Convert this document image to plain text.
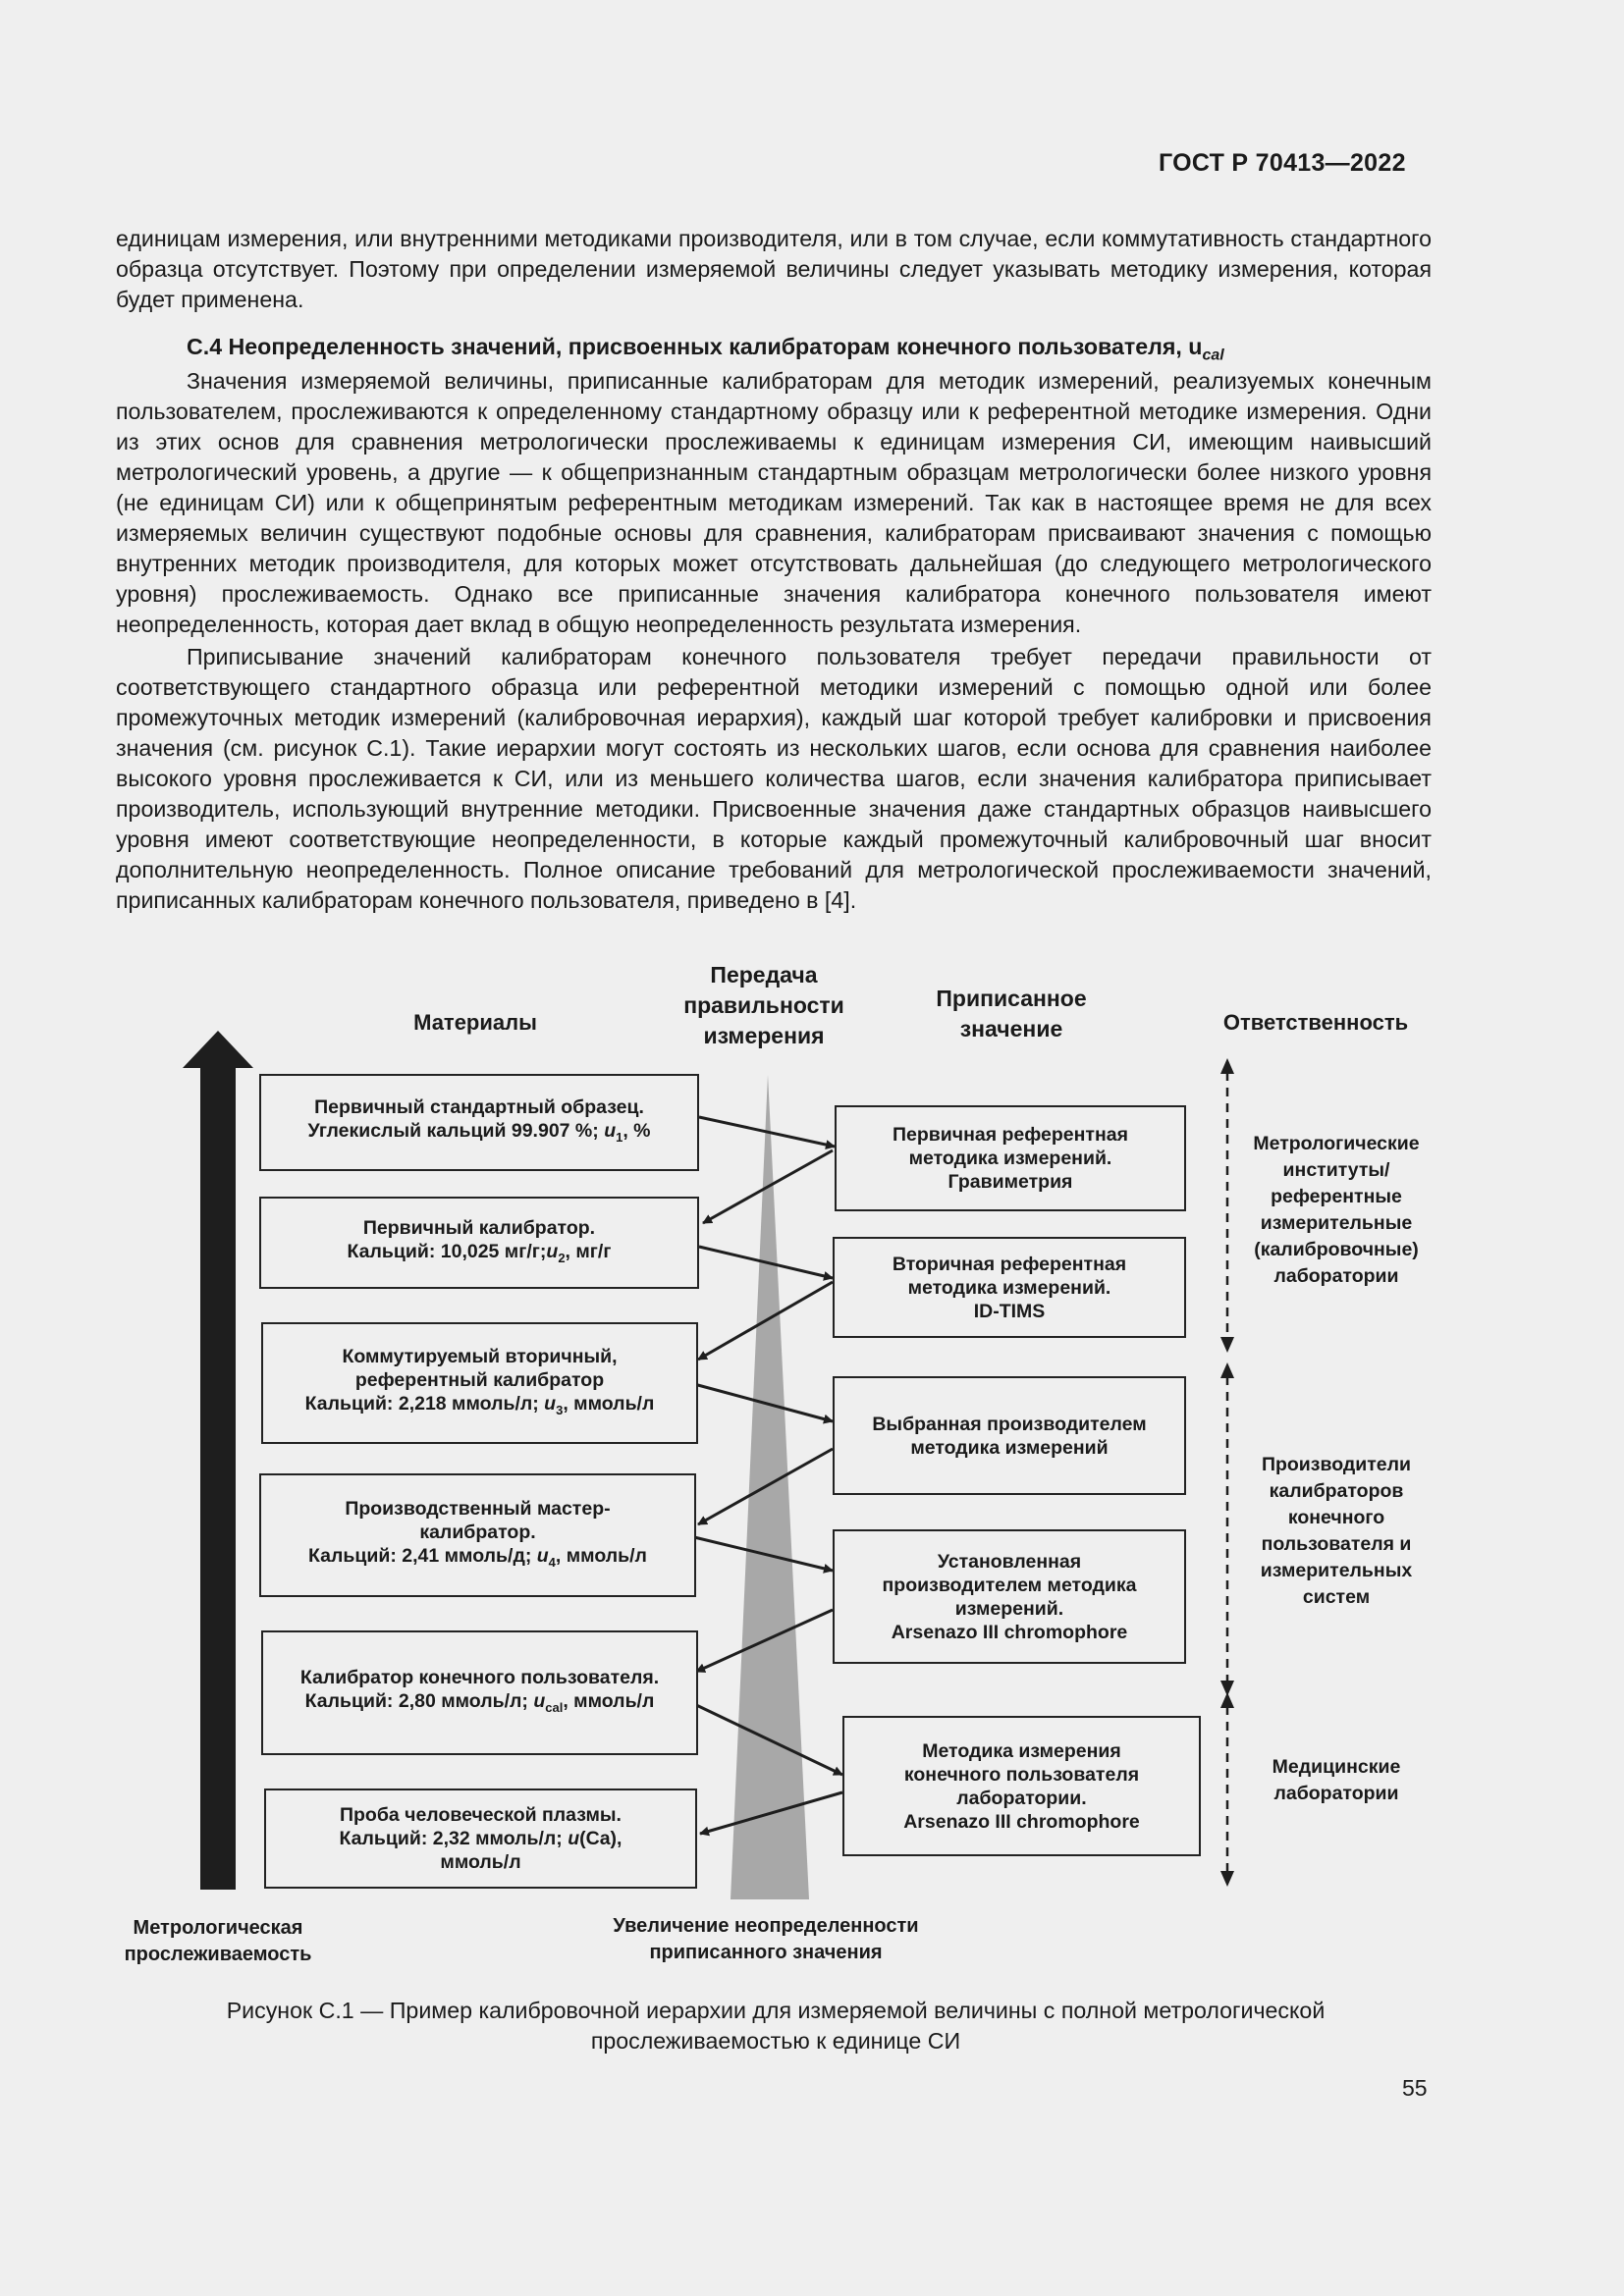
ГОСТ Р 70413—2022

единицам измерения, или внутренними методиками производителя, или в том случае, если коммутативность стандартного образца отсутствует. Поэтому при определении измеряемой величины следует указывать методику измерения, которая будет применена.

С.4 Неопределенность значений, присвоенных калибраторам конечного пользователя, $u_{cal}$

Значения измеряемой величины, приписанные калибраторам для методик измерений, реализуемых конечным пользователем, прослеживаются к определенному стандартному образцу или к референтной методике измерения. Одни из этих основ для сравнения метрологически прослеживаемы к единицам измерения СИ, имеющим наивысший метрологический уровень, а другие — к общепризнанным стандартным образцам метрологически более низкого уровня (не единицам СИ) или к общепринятым референтным методикам измерений. Так как в настоящее время не для всех измеряемых величин существуют подобные основы для сравнения, калибраторам присваивают значения с помощью внутренних методик производителя, для которых может отсутствовать дальнейшая (до следующего метрологического уровня) прослеживаемость. Однако все приписанные значения калибратора конечного пользователя имеют неопределенность, которая дает вклад в общую неопределенность результата измерения.

Приписывание значений калибраторам конечного пользователя требует передачи правильности от соответствующего стандартного образца или референтной методики измерений с помощью одной или более промежуточных методик измерений (калибровочная иерархия), каждый шаг которой требует калибровки и присвоения значения (см. рисунок С.1). Такие иерархии могут состоять из нескольких шагов, если основа для сравнения наиболее высокого уровня прослеживается к СИ, или из меньшего количества шагов, если значения калибратора приписывает производитель, использующий внутренние методики. Присвоенные значения даже стандартных образцов наивысшего уровня имеют соответствующие неопределенности, в которые каждый промежуточный калибровочный шаг вносит дополнительную неопределенность. Полное описание требований для метрологической прослеживаемости значений, приписанных калибраторам конечного пользователя, приведено в [4].

Материалы
Передача
правильности
измерения
Приписанное
значение	Ответственность
Первичный стандартный образец.
Углекислый кальций 99.907 %; $u_1$, %
Первичный калибратор.
Кальций: 10,025 $мг/г;u_2$, мг/г
Коммутируемый вторичный,
референтный калибратор
Кальций: 2,218 ммоль/л; $u_3$, ммоль/л
Производственный мастер-
калибратор.
Кальций: 2,41 ммоль/д; $u_4$, ммоль/л
Калибратор конечного пользователя.
Кальций: 2,80 ммоль/л; $u_{cal}$, ммоль/л
Проба человеческой плазмы.
Кальций: 2,32 ммоль/л; u(Ca),
ммоль/л
Первичная референтная
методика измерений.
Гравиметрия
Вторичная референтная
методика измерений.
ID-TIMS
Выбранная производителем
методика измерений
Установленная
производителем методика
измерений.
Arsenazo III chromophore
Методика измерения
конечного пользователя
лаборатории.
Arsenazo III chromophore
Метрологические
институты/
референтные
измерительные
(калибровочные)
лаборатории
Производители
калибраторов
конечного
пользователя и
измерительных
систем
Медицинские
лаборатории
Метрологическая
прослеживаемость
Увеличение неопределенности
приписанного значения
Рисунок С.1 — Пример калибровочной иерархии для измеряемой величины с полной метрологической
прослеживаемостью к единице СИ
55
